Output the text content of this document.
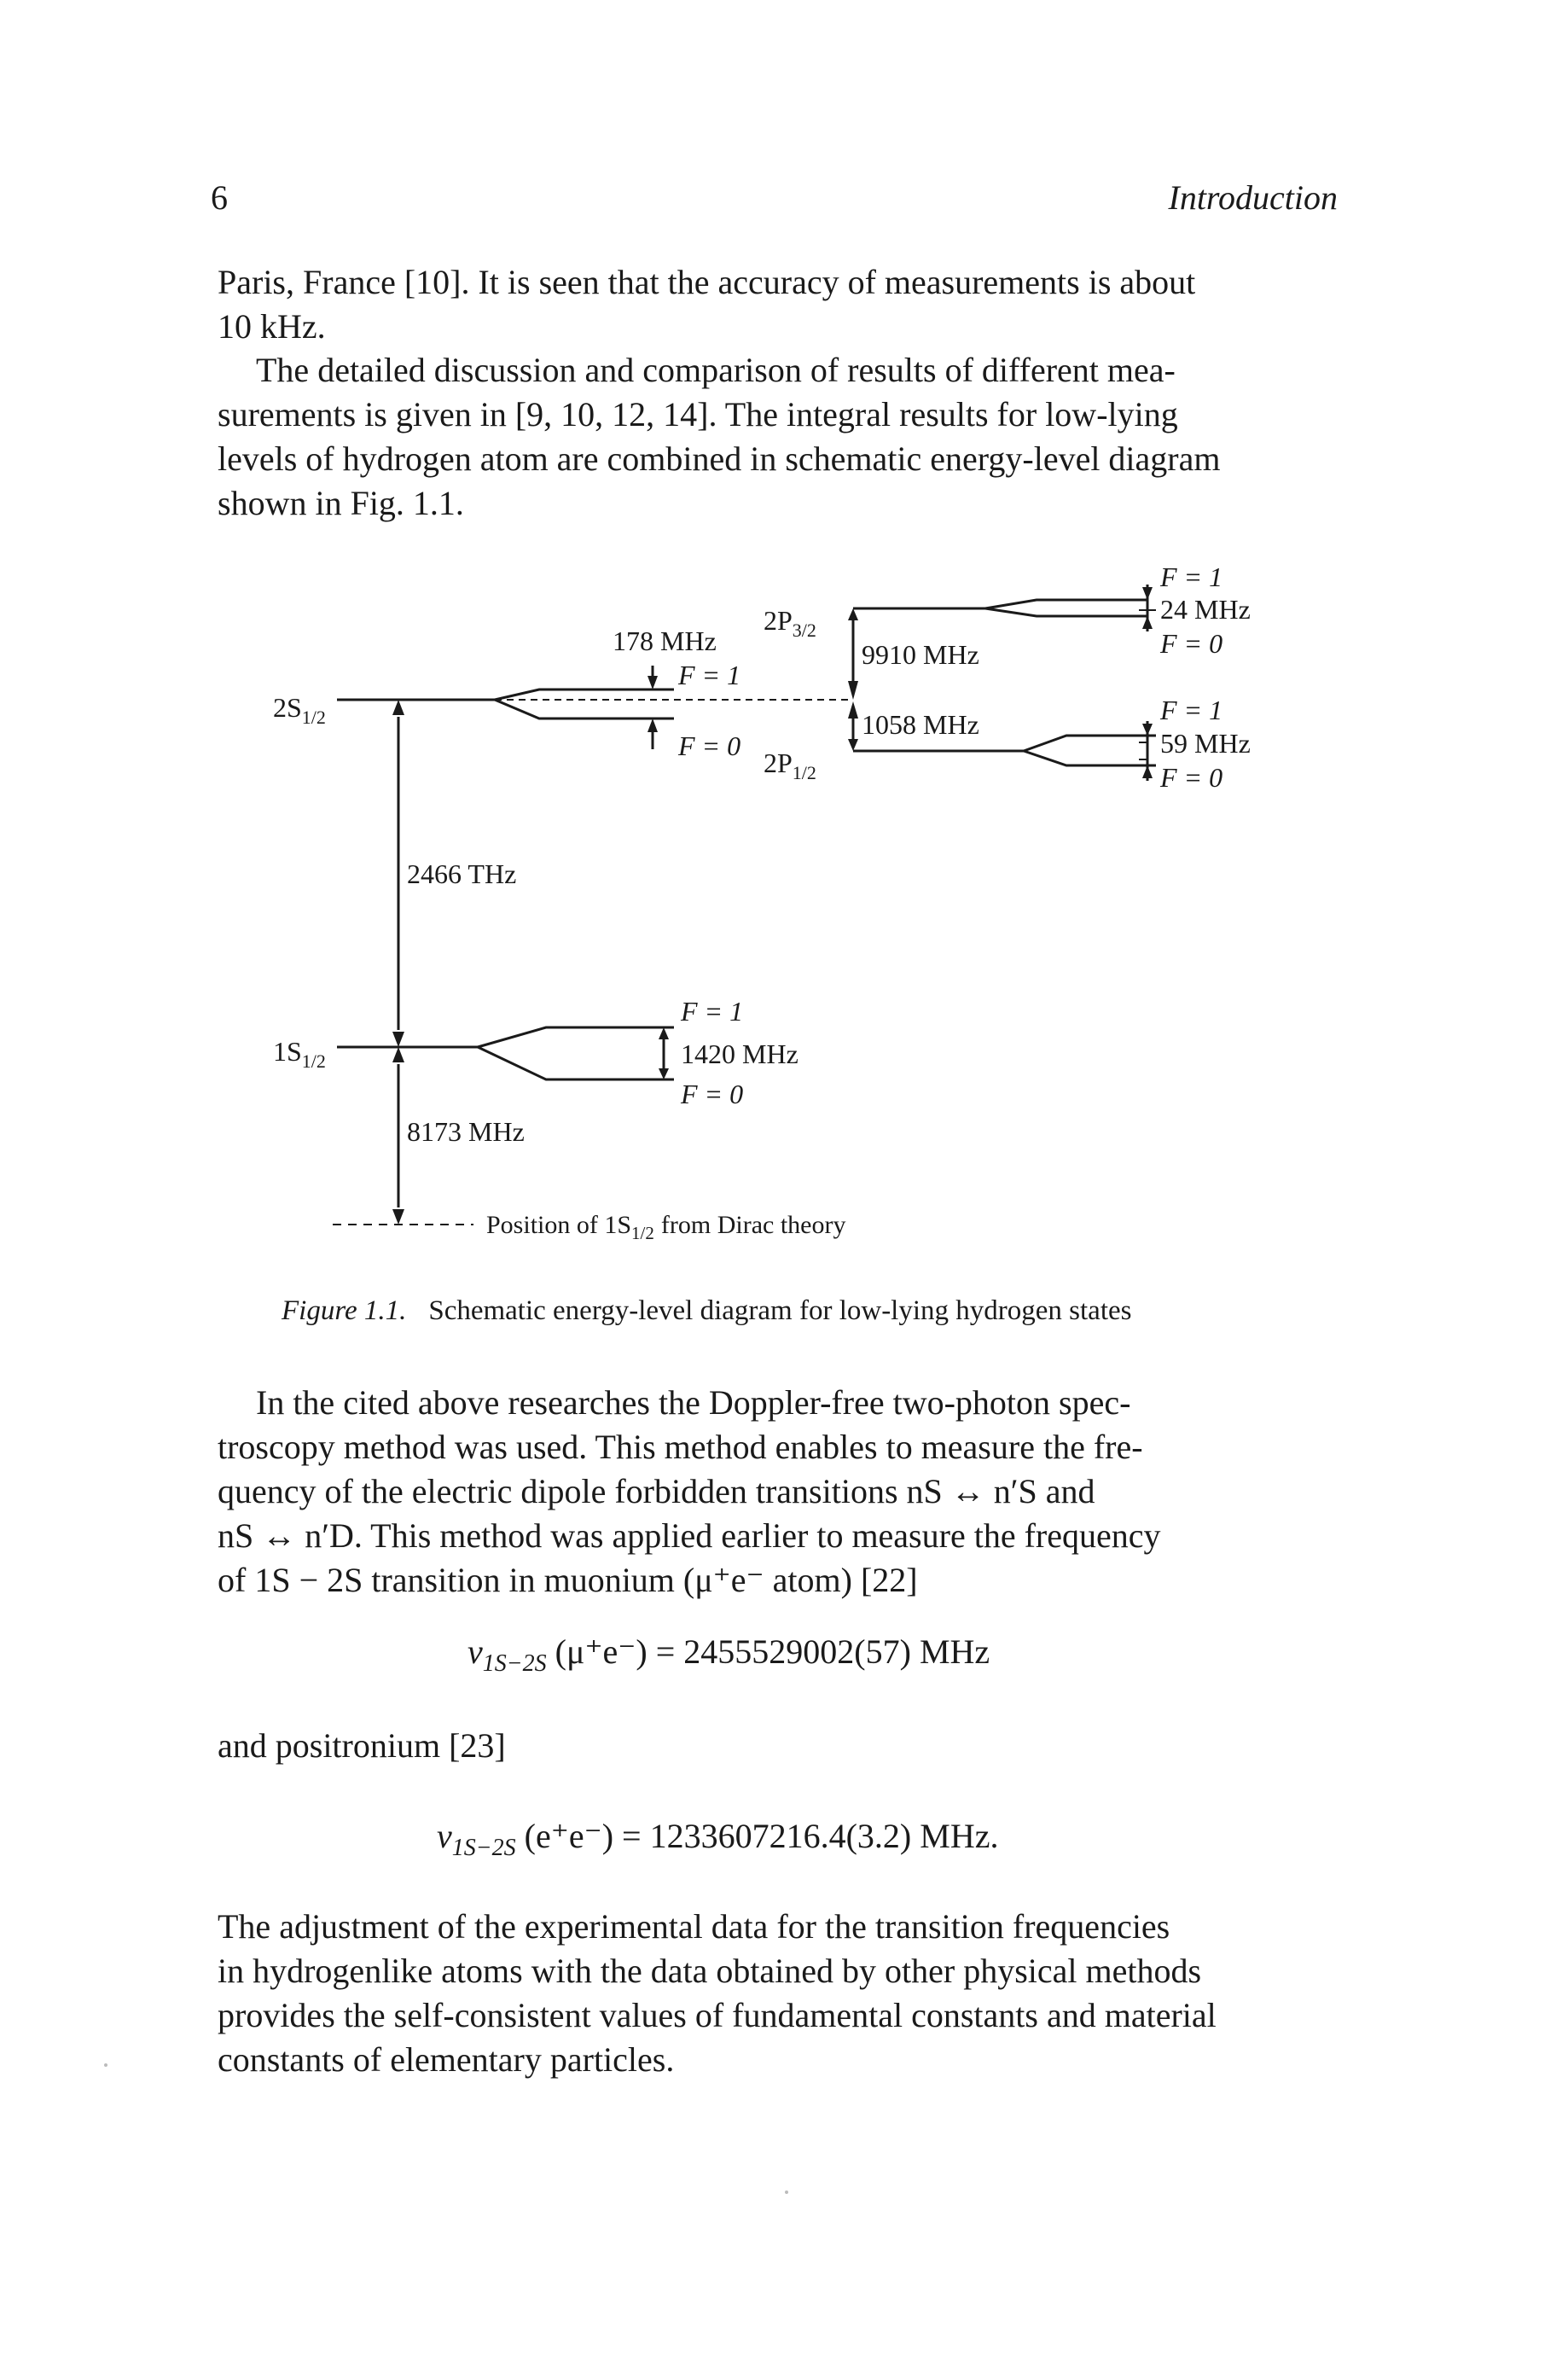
6	Introduction
Paris, France [10]. It is seen that the accuracy of measurements is about
10 kHz.
The detailed discussion and comparison of results of different mea-
surements is given in [9, 10, 12, 14]. The integral results for low-lying
levels of hydrogen atom are combined in schematic energy-level diagram
shown in Fig. 1.1.
$2S_{1/2}$
$1S_{1/2}$
$2P_{3/2}$
$2P_{1/2}$
178 MHz
F = 1
F = 0
9910 MHz
1058 MHz
F = 1
24 MHz
F = 0
F = 1
59 MHz
F = 0
2466 THz
F = 1
1420 MHz
F = 0
8173 MHz
Position of $1S_{1/2}$ from Dirac theory
Figure 1.1. Schematic energy-level diagram for low-lying hydrogen states
In the cited above researches the Doppler-free two-photon spec-
troscopy method was used. This method enables to measure the fre-
quency of the electric dipole forbidden transitions nS ↔ n′S and
nS ↔ n′D. This method was applied earlier to measure the frequency
of 1S − 2S transition in muonium (μ⁺e⁻ atom) [22]
$\nu_{1S-2S}$ (μ⁺e⁻) = 2455529002(57) MHz
and positronium [23]
$\nu_{1S-2S}$ (e⁺e⁻) = 1233607216.4(3.2) MHz.
The adjustment of the experimental data for the transition frequencies
in hydrogenlike atoms with the data obtained by other physical methods
provides the self-consistent values of fundamental constants and material
constants of elementary particles.
